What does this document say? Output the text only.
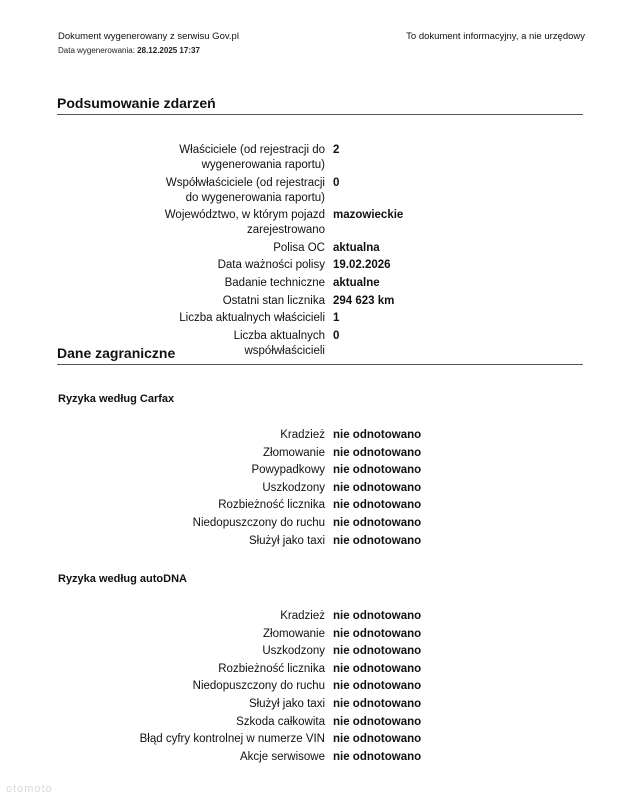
Dokument wygenerowany z serwisu Gov.pl	To dokument informacyjny, a nie urzędowy
Data wygenerowania: 28.12.2025 17:37
Podsumowanie zdarzeń
Właściciele (od rejestracji do wygenerowania raportu)
2
Współwłaściciele (od rejestracji do wygenerowania raportu)
0
Województwo, w którym pojazd zarejestrowano
mazowieckie
Polisa OC aktualna
Data ważności polisy 19.02.2026
Badanie techniczne aktualne
Ostatni stan licznika 294 623 km
Liczba aktualnych właścicieli 1
Liczba aktualnych współwłaścicieli
0
Dane zagraniczne
Ryzyka według Carfax
Kradzież nie odnotowano
Złomowanie nie odnotowano
Powypadkowy nie odnotowano
Uszkodzony nie odnotowano
Rozbieżność licznika nie odnotowano
Niedopuszczony do ruchu nie odnotowano
Służył jako taxi nie odnotowano
Ryzyka według autoDNA
Kradzież nie odnotowano
Złomowanie nie odnotowano
Uszkodzony nie odnotowano
Rozbieżność licznika nie odnotowano
Niedopuszczony do ruchu nie odnotowano
Służył jako taxi nie odnotowano
Szkoda całkowita nie odnotowano
Błąd cyfry kontrolnej w numerze VIN nie odnotowano
Akcje serwisowe nie odnotowano
otomoto
